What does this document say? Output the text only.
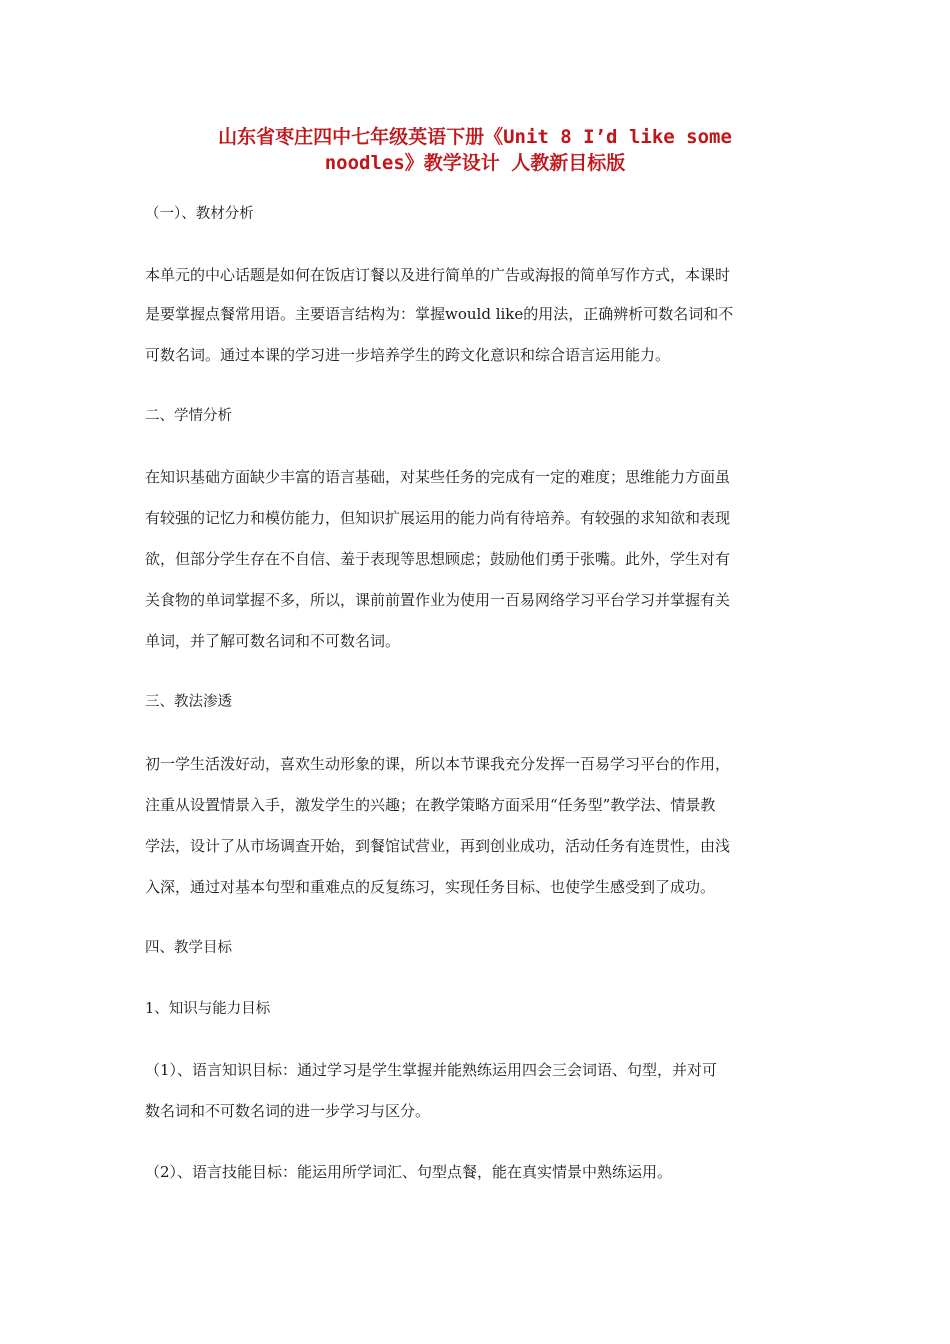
山东省枣庄四中七年级英语下册《Unit 8 I’d like some

noodles》教学设计 人教新目标版

（一）、教材分析

本单元的中心话题是如何在饭店订餐以及进行简单的广告或海报的简单写作方式，本课时

是要掌握点餐常用语。主要语言结构为：掌握would like的用法，正确辨析可数名词和不

可数名词。通过本课的学习进一步培养学生的跨文化意识和综合语言运用能力。

二、学情分析

在知识基础方面缺少丰富的语言基础，对某些任务的完成有一定的难度；思维能力方面虽

有较强的记忆力和模仿能力，但知识扩展运用的能力尚有待培养。有较强的求知欲和表现

欲，但部分学生存在不自信、羞于表现等思想顾虑；鼓励他们勇于张嘴。此外，学生对有

关食物的单词掌握不多，所以，课前前置作业为使用一百易网络学习平台学习并掌握有关

单词，并了解可数名词和不可数名词。

三、教法渗透

初一学生活泼好动，喜欢生动形象的课，所以本节课我充分发挥一百易学习平台的作用，

注重从设置情景入手，激发学生的兴趣；在教学策略方面采用“任务型”教学法、情景教

学法，设计了从市场调查开始，到餐馆试营业，再到创业成功，活动任务有连贯性，由浅

入深，通过对基本句型和重难点的反复练习，实现任务目标、也使学生感受到了成功。

四、教学目标

1、知识与能力目标

（1）、语言知识目标：通过学习是学生掌握并能熟练运用四会三会词语、句型，并对可

数名词和不可数名词的进一步学习与区分。

（2）、语言技能目标：能运用所学词汇、句型点餐，能在真实情景中熟练运用。
